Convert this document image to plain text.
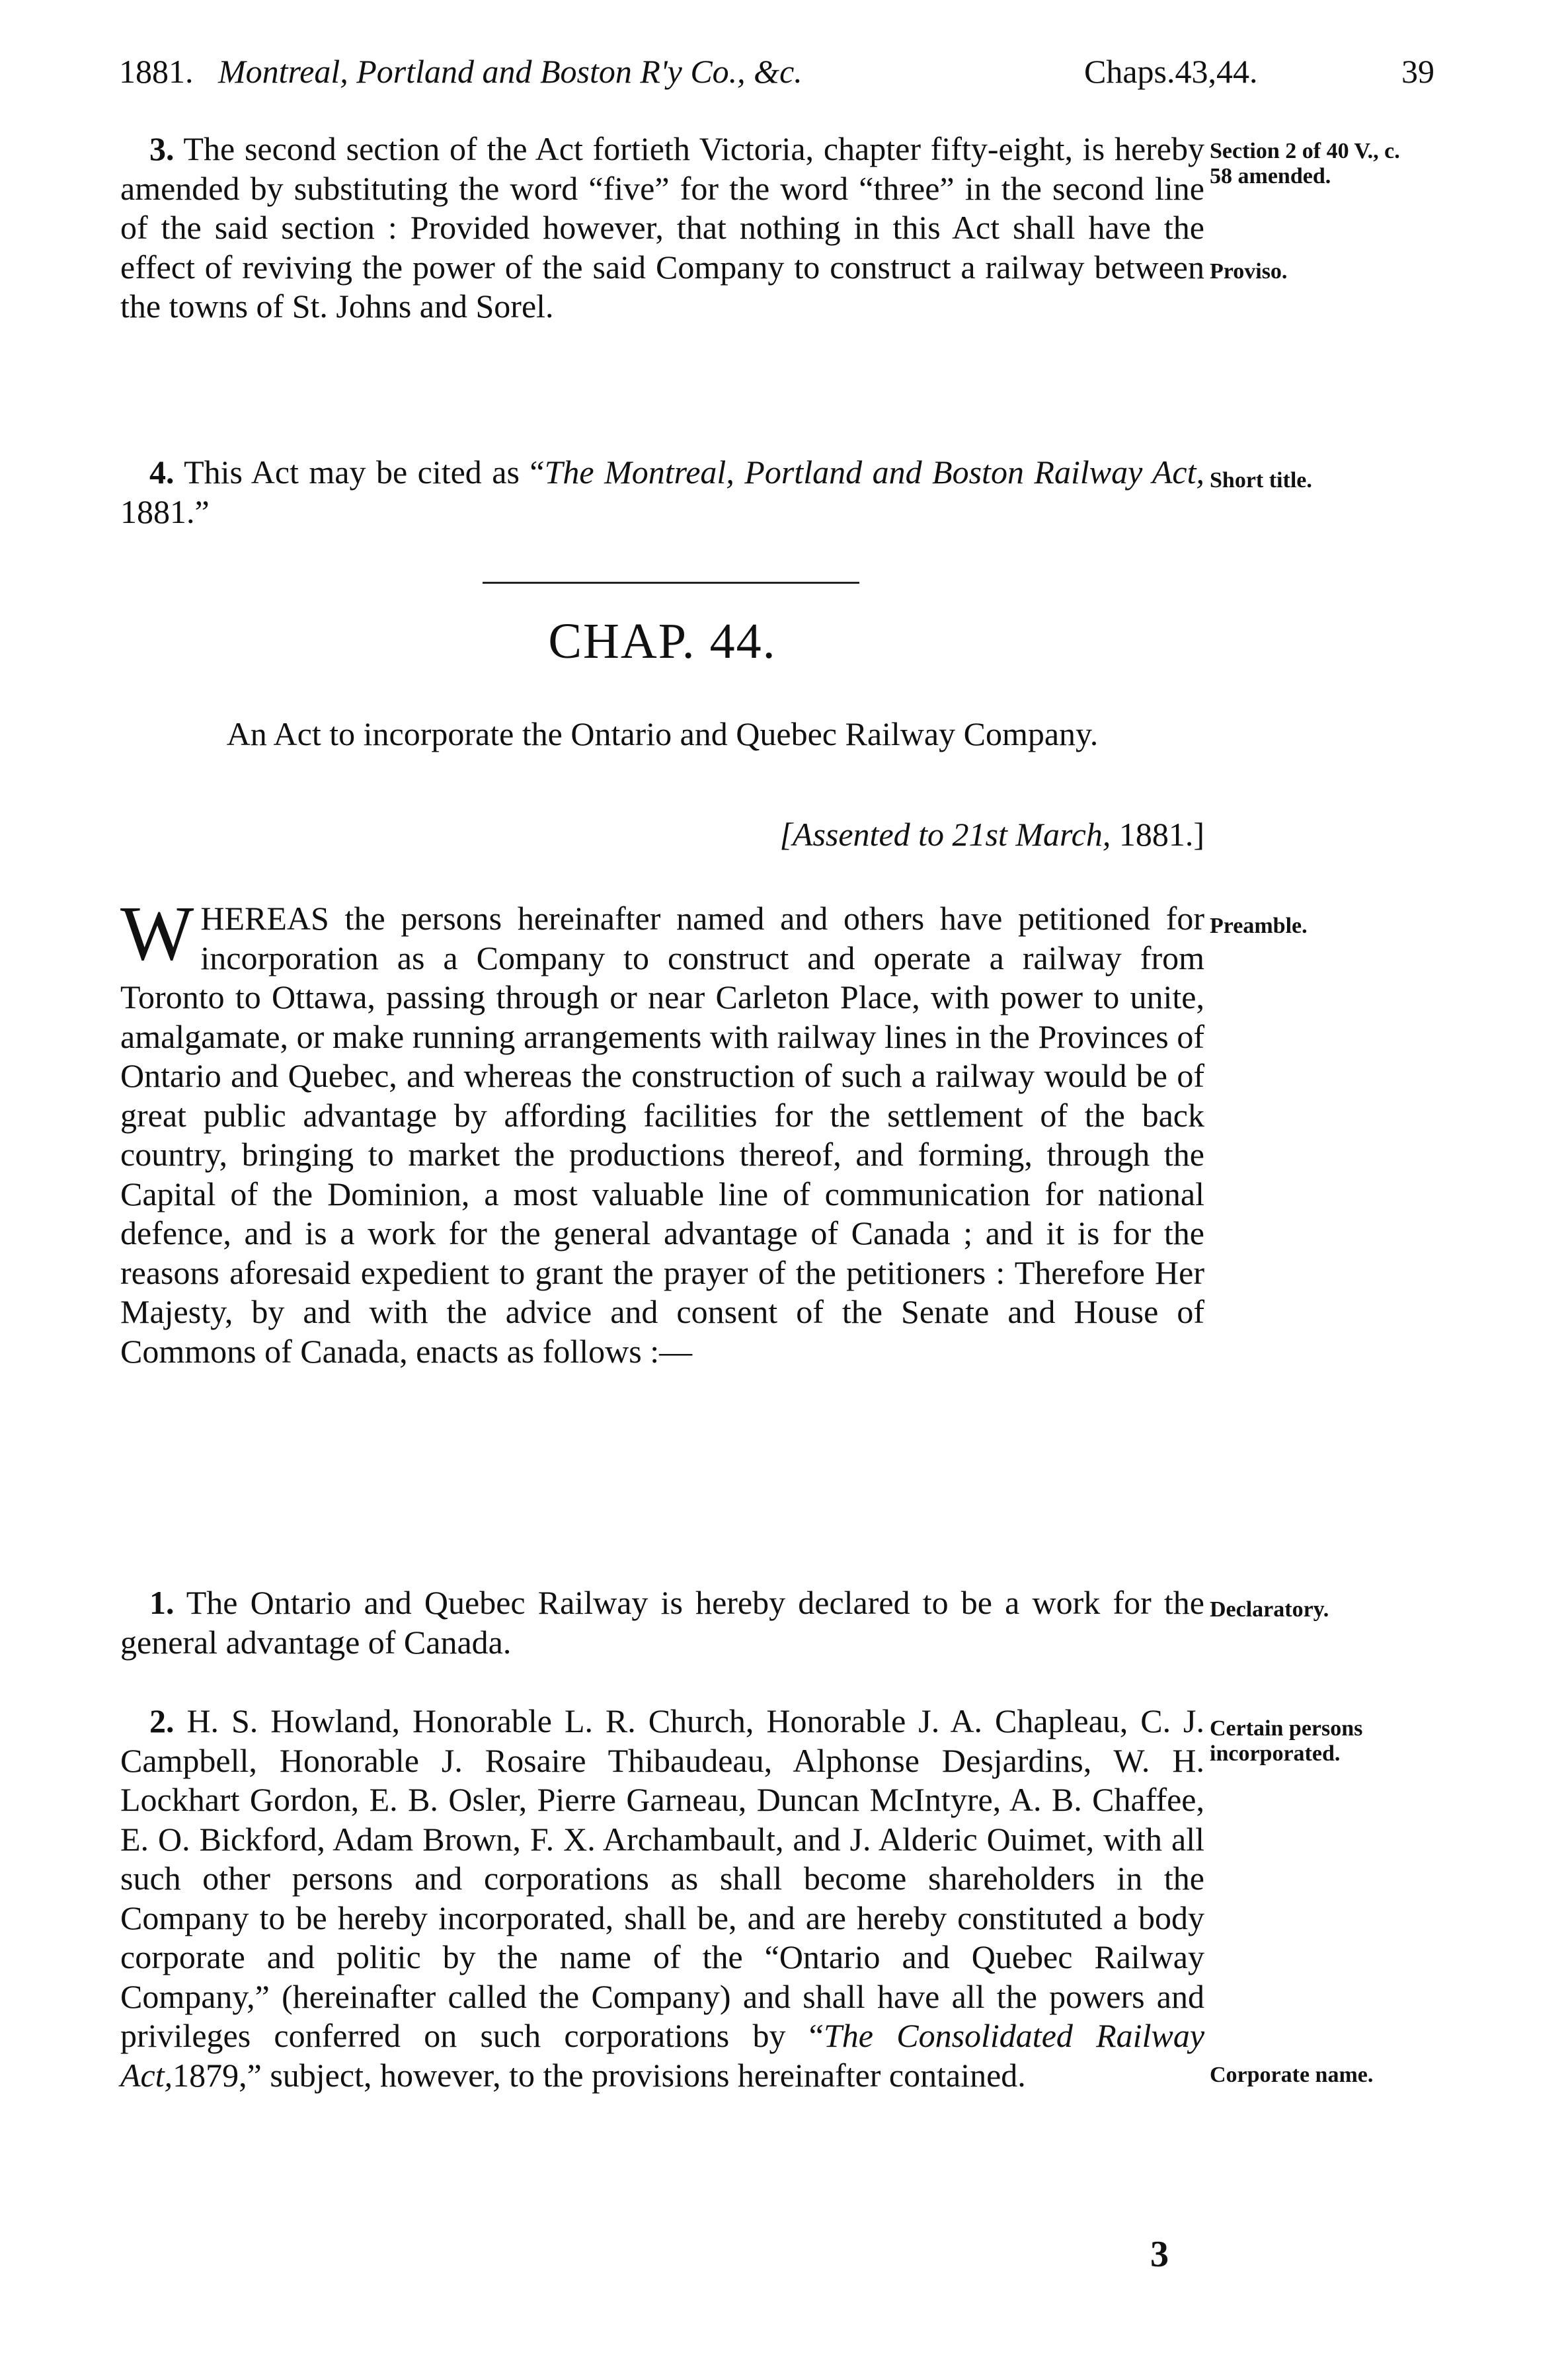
1881. Montreal, Portland and Boston R'y Co., &c.	Chaps.43,44.	39

3. The second section of the Act fortieth Victoria, chapter fifty-eight, is hereby amended by substituting the word “five” for the word “three” in the second line of the said section : Provided however, that nothing in this Act shall have the effect of reviving the power of the said Company to construct a railway between the towns of St. Johns and Sorel.

Section 2 of 40 V., c. 58 amended.
Proviso.

4. This Act may be cited as “The Montreal, Portland and Boston Railway Act, 1881.”

Short title.
CHAP. 44.
An Act to incorporate the Ontario and Quebec Railway Company.
[Assented to 21st March, 1881.]

WHEREAS the persons hereinafter named and others have petitioned for incorporation as a Company to construct and operate a railway from Toronto to Ottawa, passing through or near Carleton Place, with power to unite, amalgamate, or make running arrangements with railway lines in the Provinces of Ontario and Quebec, and whereas the construction of such a railway would be of great public advantage by affording facilities for the settlement of the back country, bringing to market the productions thereof, and forming, through the Capital of the Dominion, a most valuable line of communication for national defence, and is a work for the general advantage of Canada ; and it is for the reasons aforesaid expedient to grant the prayer of the petitioners : Therefore Her Majesty, by and with the advice and consent of the Senate and House of Commons of Canada, enacts as follows :—

Preamble.

1. The Ontario and Quebec Railway is hereby declared to be a work for the general advantage of Canada.

Declaratory.

2. H. S. Howland, Honorable L. R. Church, Honorable J. A. Chapleau, C. J. Campbell, Honorable J. Rosaire Thibaudeau, Alphonse Desjardins, W. H. Lockhart Gordon, E. B. Osler, Pierre Garneau, Duncan McIntyre, A. B. Chaffee, E. O. Bickford, Adam Brown, F. X. Archambault, and J. Alderic Ouimet, with all such other persons and corporations as shall become shareholders in the Company to be hereby incorporated, shall be, and are hereby constituted a body corporate and politic by the name of the “Ontario and Quebec Railway Company,” (hereinafter called the Company) and shall have all the powers and privileges conferred on such corporations by “The Consolidated Railway Act,1879,” subject, however, to the provisions hereinafter contained.

Certain persons incorporated.
Corporate name.
3
